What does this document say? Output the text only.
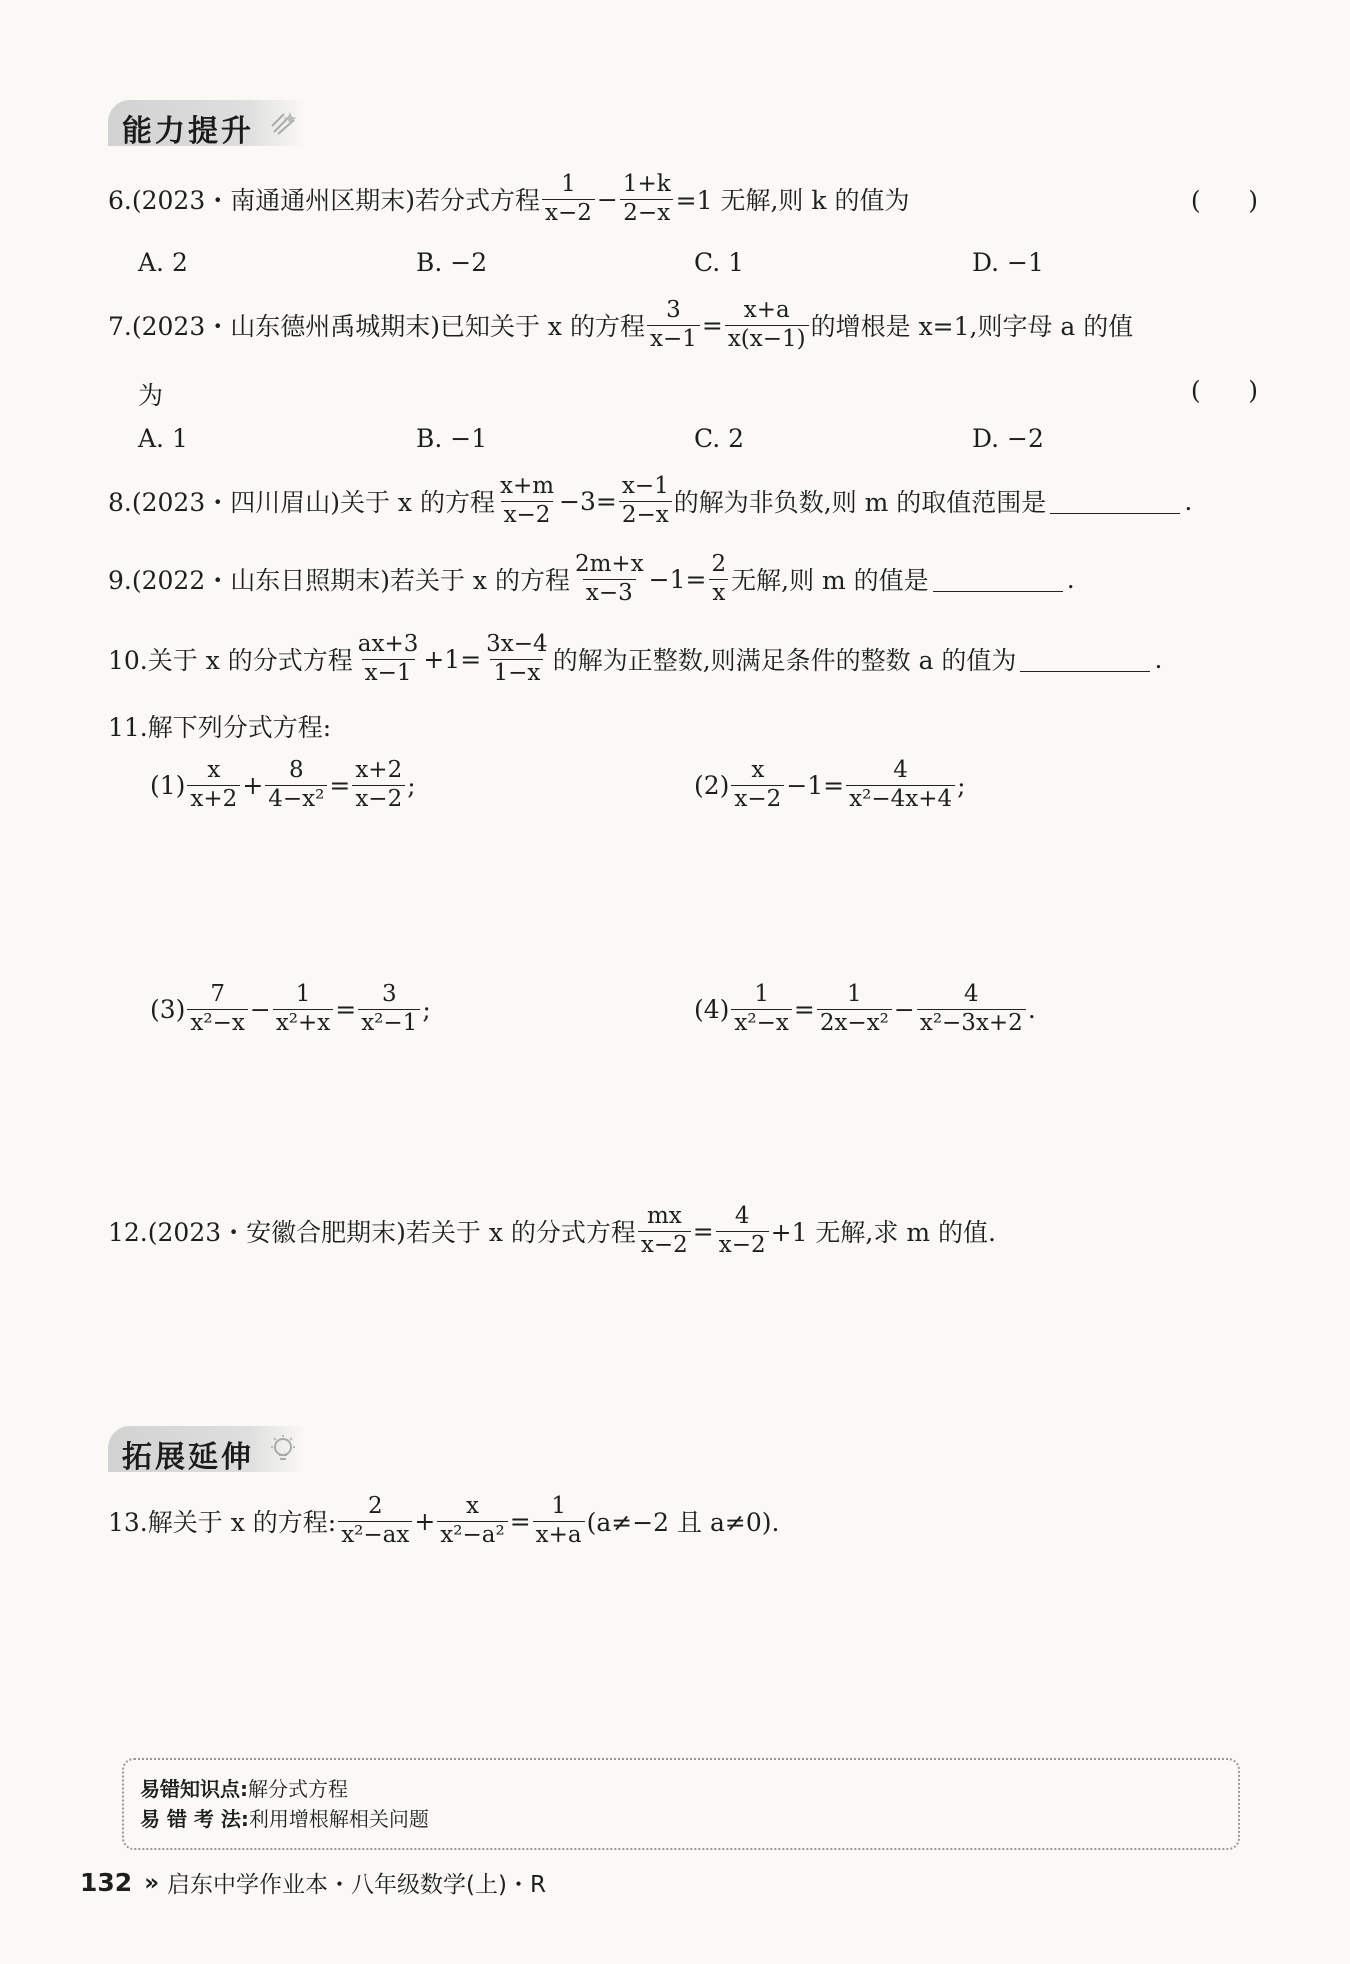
能力提升
6.(2023・南通通州区期末)若分式方程 $\frac{1}{x-2} - \frac{1+k}{2-x} =1$ 无解,则 k 的值为	(      )
A. 2	B. −2	C. 1	D. −1
7.(2023・山东德州禹城期末)已知关于 x 的方程 $\frac{3}{x-1} = \frac{x+a}{x(x-1)}$ 的增根是 x=1,则字母 a 的值
为	(      )
A. 1	B. −1	C. 2	D. −2
8.(2023・四川眉山)关于 x 的方程 $\frac{x+m}{x-2} -3= \frac{x-1}{2-x}$ 的解为非负数,则 m 的取值范围是	.
9.(2022・山东日照期末)若关于 x 的方程 $\frac{2m+x}{x-3} -1= \frac{2}{x}$ 无解,则 m 的值是	.
10.关于 x 的分式方程 $\frac{ax+3}{x-1} +1= \frac{3x-4}{1-x}$ 的解为正整数,则满足条件的整数 a 的值为	.
11.解下列分式方程:
$(1) \frac{x}{x+2} + \frac{8}{\text{4−x²}} = \frac{x+2}{x-2}$ ;	$(2) \frac{x}{x-2} -1= \frac{4}{\text{x²−4x+4}}$ ;
$(3) \frac{7}{\text{x²−x}} - \frac{1}{\text{x²+x}} = \frac{3}{\text{x²−1}}$ ;	$(4) \frac{1}{\text{x²−x}} = \frac{1}{\text{2x−x²}} - \frac{4}{\text{x²−3x+2}}$ .
12.(2023・安徽合肥期末)若关于 x 的分式方程 $\frac{mx}{x-2} = \frac{4}{x-2} +1$ 无解,求 m 的值.
拓展延伸
13.解关于 x 的方程: $\frac{2}{\text{x²−ax}} + \frac{x}{\text{x²−a²}} = \frac{1}{x+a} (a\ne-2$ 且 a≠0).
易错知识点:解分式方程
易 错 考 法:利用增根解相关问题
132 » 启东中学作业本・八年级数学(上)・R
